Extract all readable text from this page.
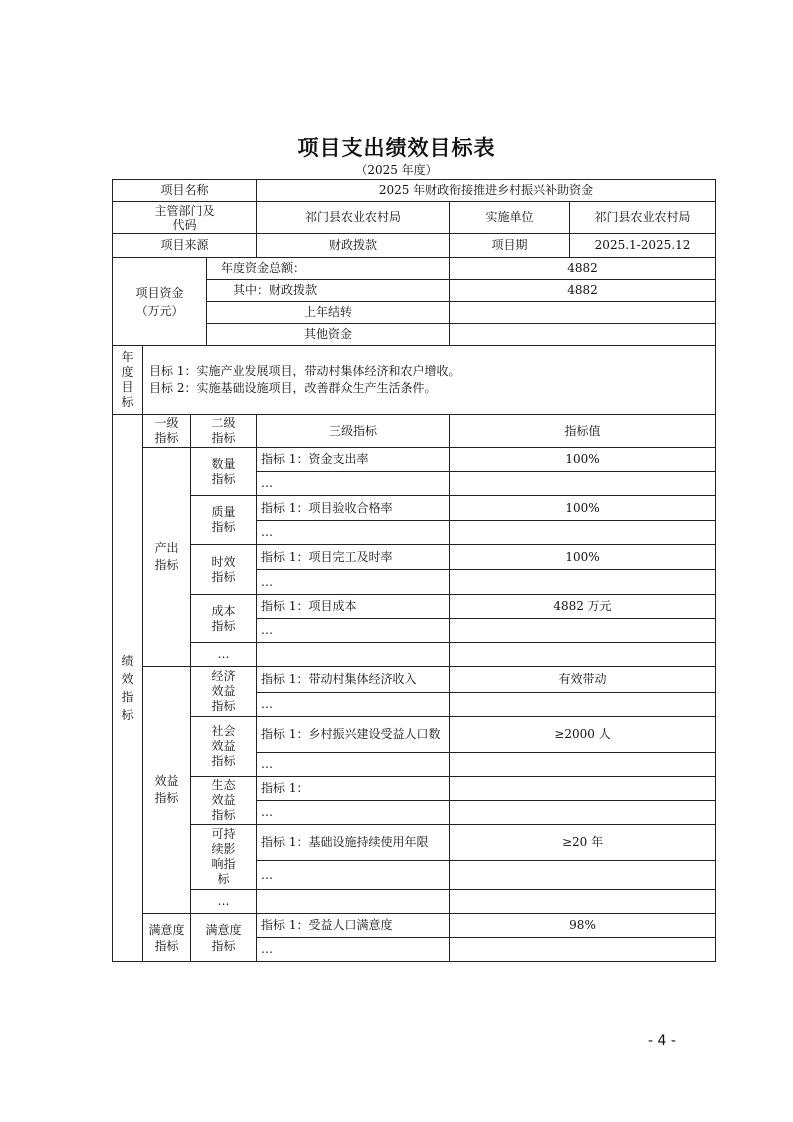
项目支出绩效目标表
（2025 年度）
项目名称				2025 年财政衔接推进乡村振兴补助资金		
主管部门及代码				祁门县农业农村局	实施单位	祁门县农业农村局
项目来源				财政拨款	项目期	2025.1-2025.12
项目资金（万元）			年度资金总额：		4882	
			其中：财政拨款		4882	
			上年结转			
			其他资金			
年度目标	目标 1：实施产业发展项目，带动村集体经济和农户增收。
目标 2：实施基础设施项目，改善群众生产生活条件。					

绩效指标	一级指标	二级指标		三级指标	指标值	
	产出指标	数量指标		指标 1：资金支出率	100%	
				…		
		质量指标		指标 1：项目验收合格率	100%	
				…		
		时效指标		指标 1：项目完工及时率	100%	
				…		
		成本指标		指标 1：项目成本	4882 万元	
				…		
		…				
	效益指标	经济效益指标		指标 1：带动村集体经济收入	有效带动	
				…		
		社会效益指标		指标 1：乡村振兴建设受益人口数	≥2000 人	
				…		
		生态效益指标		指标 1：		
				…		
		可持续影响指标		指标 1：基础设施持续使用年限	≥20 年	
				…		
		…				
	满意度指标	满意度指标		指标 1：受益人口满意度	98%	
				…		
- 4 -
